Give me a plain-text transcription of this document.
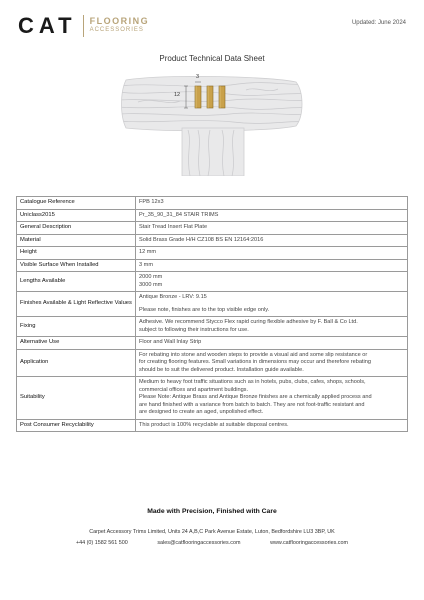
CAT FLOORING
ACCESSORIES
Updated: June 2024
Product Technical Data Sheet
12
3
Catalogue Reference	FPB 12x3

Uniclass2015	Pr_35_90_31_84 STAIR TRIMS

General Description	Stair Tread Insert Flat Plate

Material	Solid Brass Grade H/H CZ108 BS EN 12164:2016

Height	12 mm

Visible Surface When Installed	3 mm

Lengths Available	2000 mm

3000 mm

Finishes Available & Light Reflective Values	Antique Bronze - LRV: 9.15

Please note, finishes are to the top visible edge only.

Fixing	Adhesive. We recommend Stycco Flex rapid curing flexible adhesive by F. Ball & Co Ltd.

subject to following their instructions for use.

Alternative Use	Floor and Wall Inlay Strip

Application	For rebating into stone and wooden steps to provide a visual aid and some slip resistance or

for creating flooring features. Small variations in dimensions may occur and therefore rebating

should be to suit the delivered product. Installation guide available.

Suitability	Medium to heavy foot traffic situations such as in hotels, pubs, clubs, cafes, shops, schools,

commercial offices and apartment buildings.

Please Note: Antique Brass and Antique Bronze finishes are a chemically applied process and

are hand finished with a variance from batch to batch. They are not foot-traffic resistant and

are designed to create an aged, unpolished effect.

Post Consumer Recyclability	This product is 100% recyclable at suitable disposal centres.

Made with Precision, Finished with Care
Carpet Accessory Trims Limited, Units 24 A,B,C Park Avenue Estate, Luton, Bedfordshire LU3 3BP, UK
+44 (0) 1582 561 500	sales@catflooringaccessories.com	www.catflooringaccessories.com
